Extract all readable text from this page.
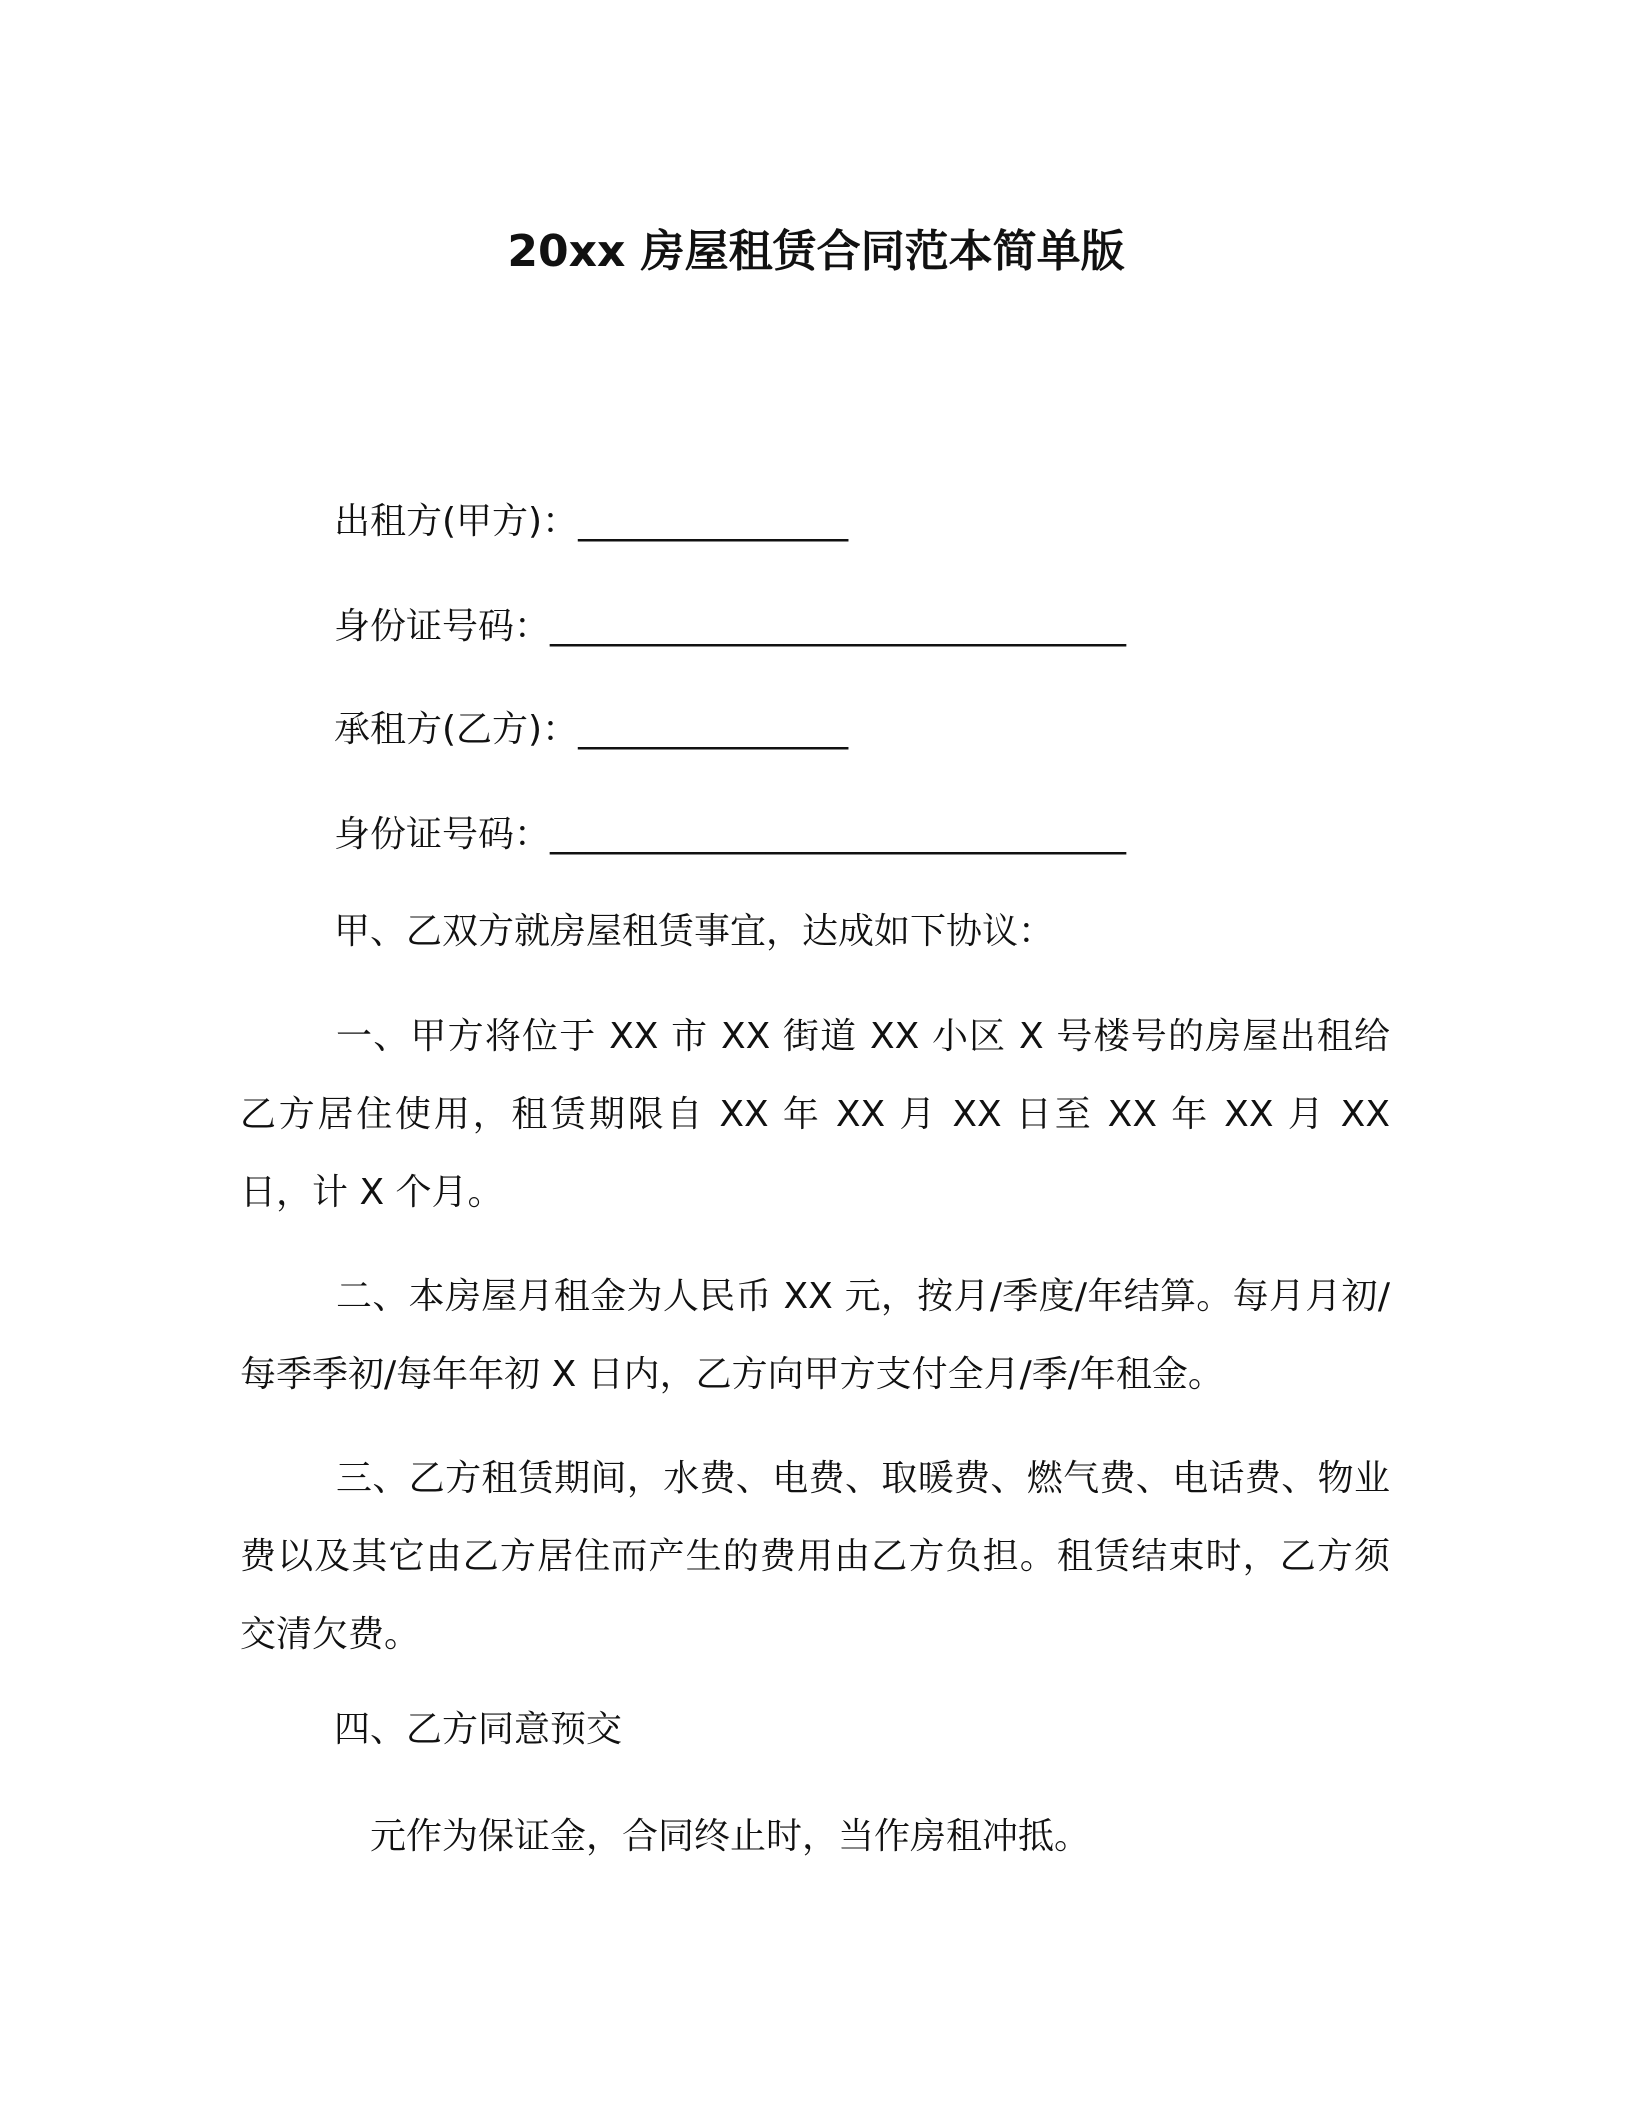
20xx 房屋租赁合同范本简单版
出租方(甲方)：_______________
身份证号码：________________________________
承租方(乙方)：_______________
身份证号码：________________________________
甲、乙双方就房屋租赁事宜，达成如下协议：
一、甲方将位于 XX 市 XX 街道 XX 小区 X 号楼号的房屋出租给乙方居住使用，租赁期限自 XX 年 XX 月 XX 日至 XX 年 XX 月 XX 日，计 X 个月。
二、本房屋月租金为人民币 XX 元，按月/季度/年结算。每月月初/每季季初/每年年初 X 日内，乙方向甲方支付全月/季/年租金。
三、乙方租赁期间，水费、电费、取暖费、燃气费、电话费、物业费以及其它由乙方居住而产生的费用由乙方负担。租赁结束时，乙方须交清欠费。
四、乙方同意预交
元作为保证金，合同终止时，当作房租冲抵。
